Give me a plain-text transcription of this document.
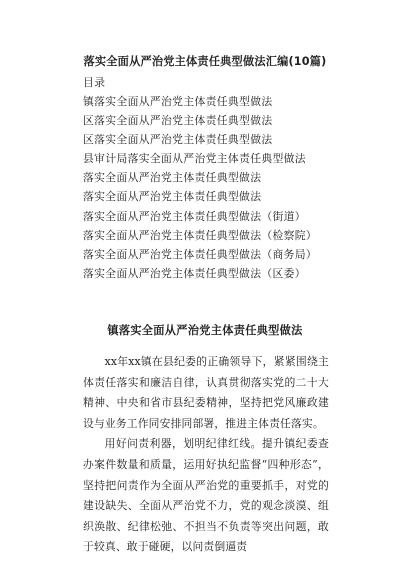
落实全面从严治党主体责任典型做法汇编(10篇)
目录
镇落实全面从严治党主体责任典型做法
区落实全面从严治党主体责任典型做法
区落实全面从严治党主体责任典型做法
县审计局落实全面从严治党主体责任典型做法
落实全面从严治党主体责任典型做法
落实全面从严治党主体责任典型做法
落实全面从严治党主体责任典型做法（街道）
落实全面从严治党主体责任典型做法（检察院）
落实全面从严治党主体责任典型做法（商务局）
落实全面从严治党主体责任典型做法（区委）
镇落实全面从严治党主体责任典型做法

xx年xx镇在县纪委的正确领导下，紧紧围绕主体责任落实和廉洁自律，认真贯彻落实党的二十大精神、中央和省市县纪委精神，坚持把党风廉政建设与业务工作同安排同部署，推进主体责任落实。

用好问责利器，划明纪律红线。提升镇纪委查办案件数量和质量，运用好执纪监督“四种形态”，坚持把问责作为全面从严治党的重要抓手，对党的建设缺失、全面从严治党不力，党的观念淡漠、组织涣散、纪律松弛、不担当不负责等突出问题，敢于较真、敢于碰硬，以问责倒逼责
